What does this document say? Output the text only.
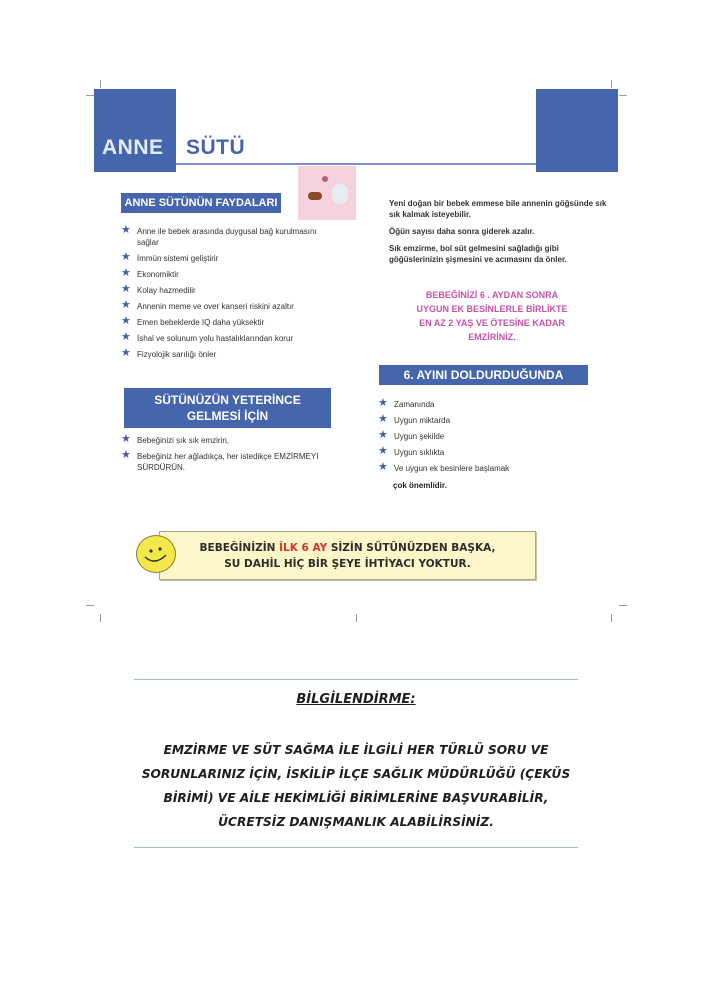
ANNE SÜTÜ
ANNE SÜTÜNÜN FAYDALARI
★ Anne ile bebek arasında duygusal bağ kurulmasını sağlar
★ İmmün sistemi geliştirir
★ Ekonomiktir
★ Kolay hazmedilir
★ Annenin meme ve over kanseri riskini azaltır
★ Emen bebeklerde IQ daha yüksektir
★ İshal ve solunum yolu hastalıklarından korur
★ Fizyolojik sarılığı önler
SÜTÜNÜZÜN YETERİNCE
GELMESİ İÇİN
★ Bebeğinizi sık sık emzirin,
★ Bebeğiniz her ağladıkça, her istedikçe EMZİRMEYİ SÜRDÜRÜN.

Yeni doğan bir bebek emmese bile annenin göğsünde sık sık kalmak isteyebilir.

Öğün sayısı daha sonra giderek azalır.

Sık emzirme, bol süt gelmesini sağladığı gibi göğüslerinizin şişmesini ve acımasını da önler.

BEBEĞİNİZİ 6 . AYDAN SONRA
UYGUN EK BESİNLERLE BİRLİKTE
EN AZ 2 YAŞ VE ÖTESİNE KADAR
EMZİRİNİZ.
6. AYINI DOLDURDUĞUNDA
★ Zamanında
★ Uygun miktarda
★ Uygun şekilde
★ Uygun sıklıkta
★ Ve uygun ek besinlere başlamak
çok önemlidir.
BEBEĞİNİZİN İLK 6 AY SİZİN SÜTÜNÜZDEN BAŞKA,
SU DAHİL HİÇ BİR ŞEYE İHTİYACI YOKTUR.
BİLGİLENDİRME:
EMZİRME VE SÜT SAĞMA İLE İLGİLİ HER TÜRLÜ SORU VE
SORUNLARINIZ İÇİN, İSKİLİP İLÇE SAĞLIK MÜDÜRLÜĞÜ (ÇEKÜS
BİRİMİ) VE AİLE HEKİMLİĞİ BİRİMLERİNE BAŞVURABİLİR,
ÜCRETSİZ DANIŞMANLIK ALABİLİRSİNİZ.
